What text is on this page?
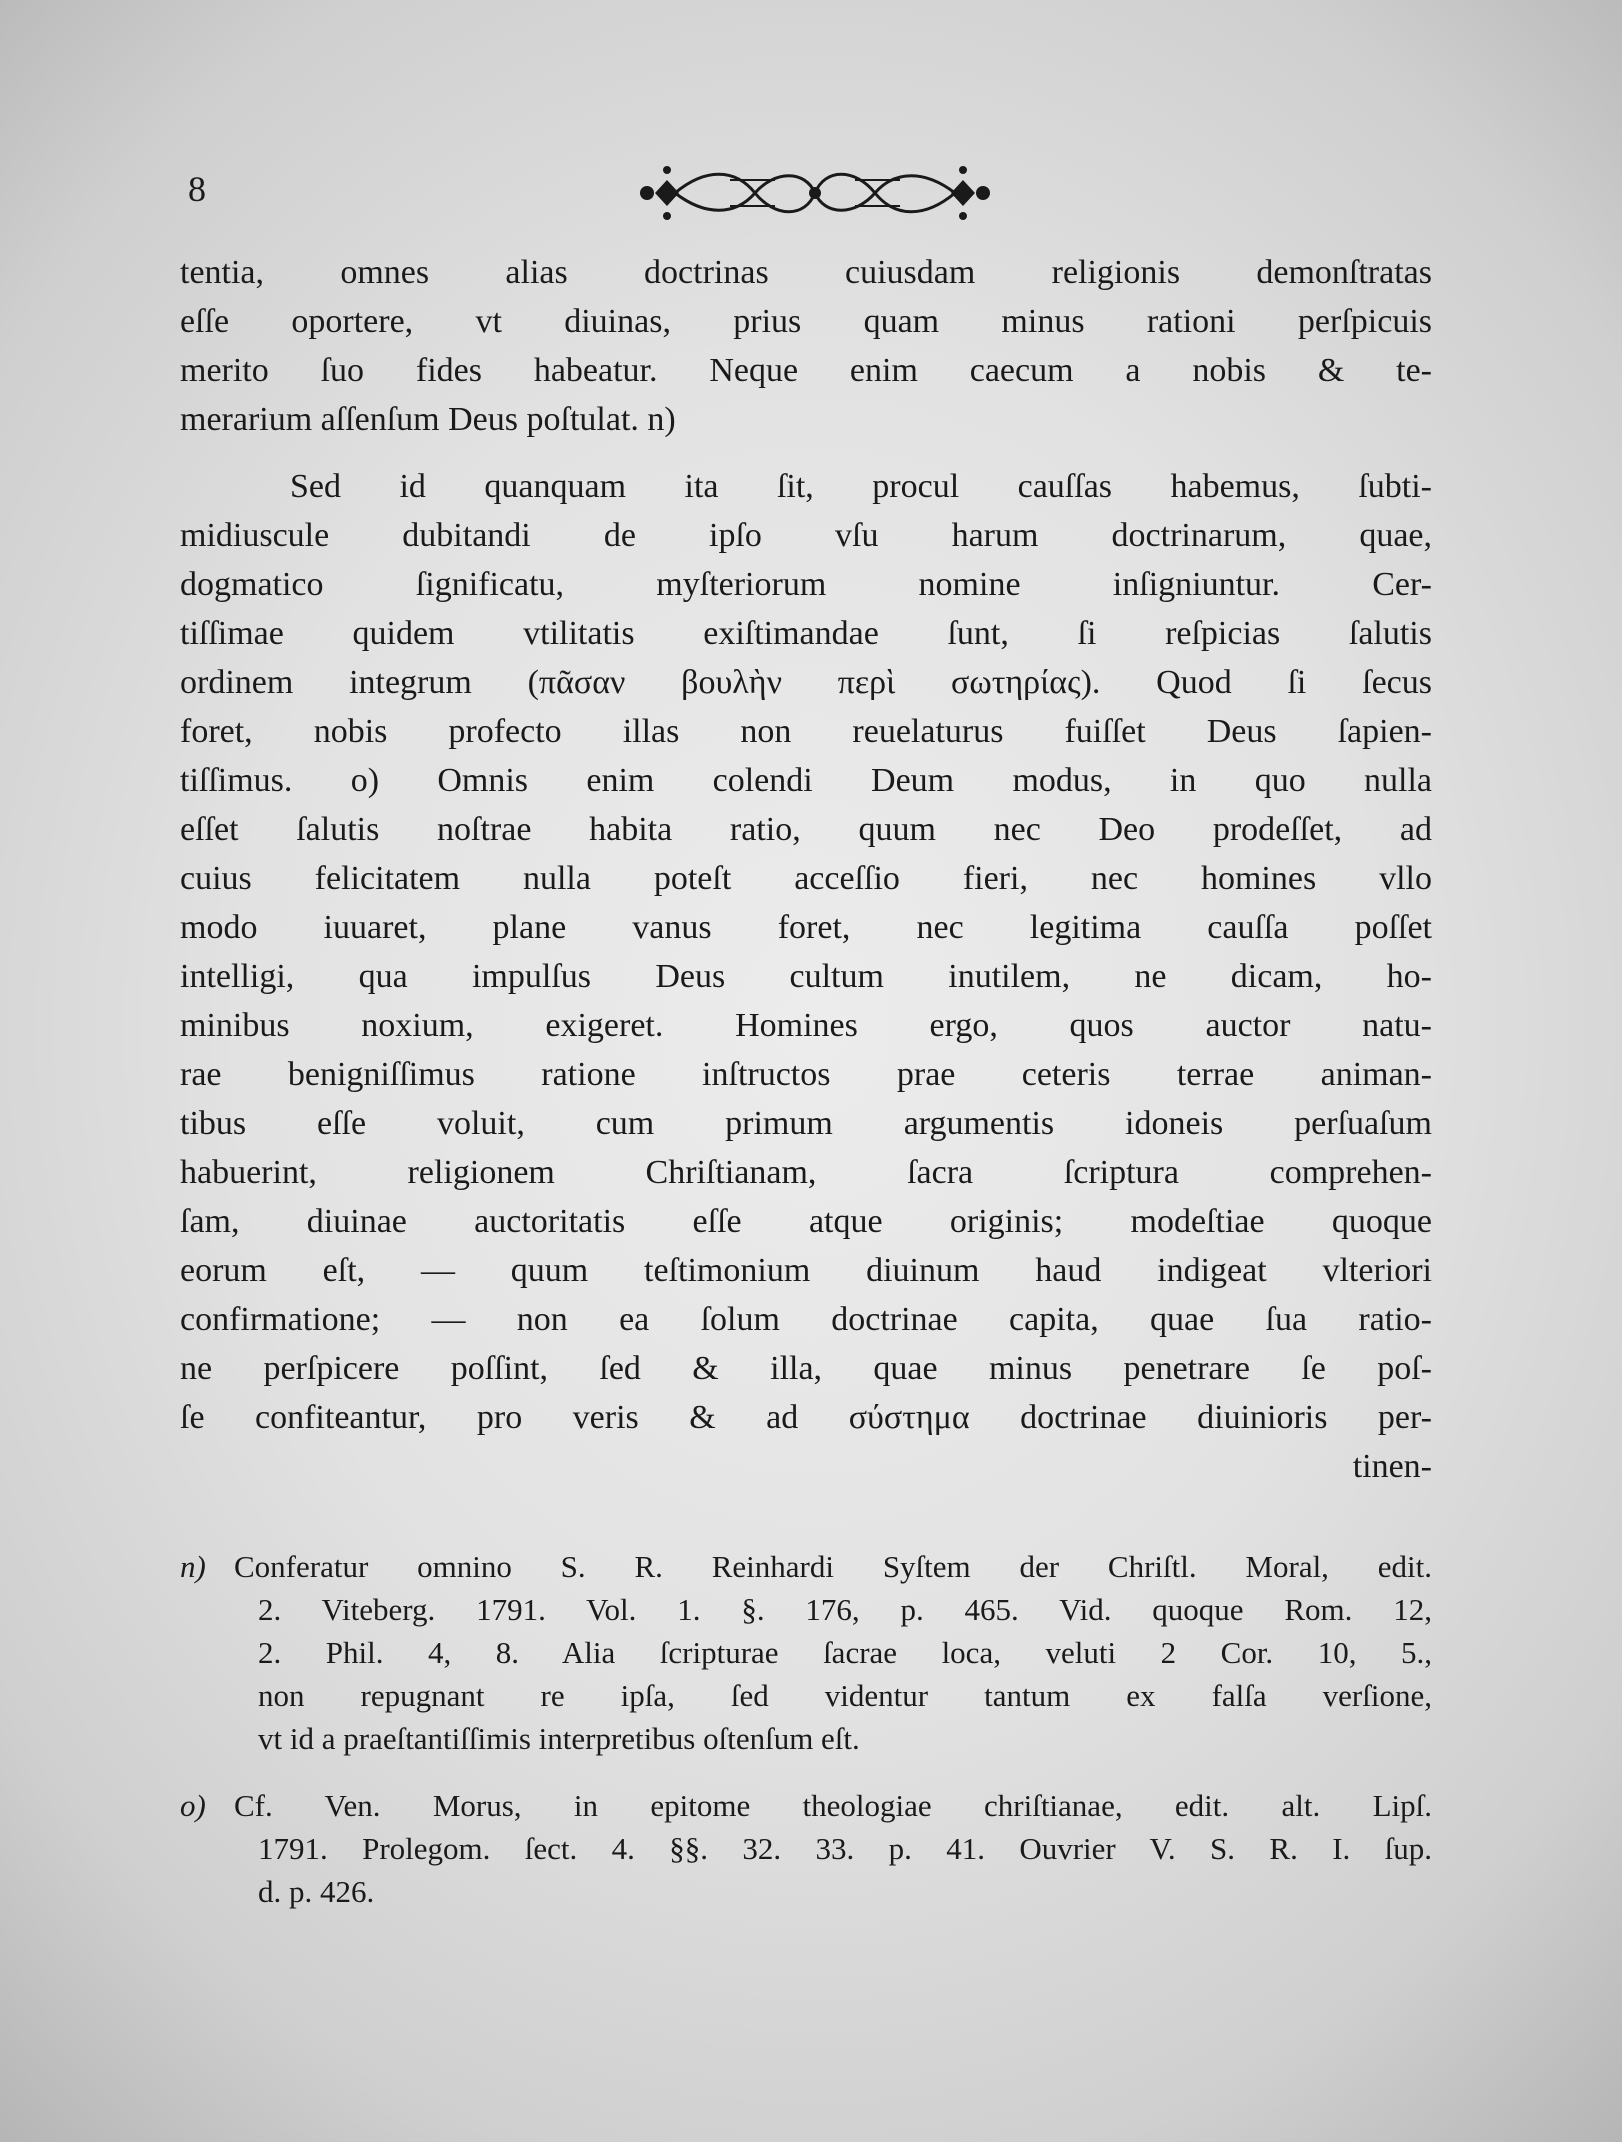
8
tentia, omnes alias doctrinas cuiusdam religionis demonſtratas
eſſe oportere, vt diuinas, prius quam minus rationi perſpicuis
merito ſuo fides habeatur. Neque enim caecum a nobis & te-
merarium aſſenſum Deus poſtulat. n)
Sed id quanquam ita ſit, procul cauſſas habemus, ſubti-
midiuscule dubitandi de ipſo vſu harum doctrinarum, quae,
dogmatico ſignificatu, myſteriorum nomine inſigniuntur. Cer-
tiſſimae quidem vtilitatis exiſtimandae ſunt, ſi reſpicias ſalutis
ordinem integrum (πᾶσαν βουλὴν περὶ σωτηρίας). Quod ſi ſecus
foret, nobis profecto illas non reuelaturus fuiſſet Deus ſapien-
tiſſimus. o) Omnis enim colendi Deum modus, in quo nulla
eſſet ſalutis noſtrae habita ratio, quum nec Deo prodeſſet, ad
cuius felicitatem nulla poteſt acceſſio fieri, nec homines vllo
modo iuuaret, plane vanus foret, nec legitima cauſſa poſſet
intelligi, qua impulſus Deus cultum inutilem, ne dicam, ho-
minibus noxium, exigeret. Homines ergo, quos auctor natu-
rae benigniſſimus ratione inſtructos prae ceteris terrae animan-
tibus eſſe voluit, cum primum argumentis idoneis perſuaſum
habuerint, religionem Chriſtianam, ſacra ſcriptura comprehen-
ſam, diuinae auctoritatis eſſe atque originis; modeſtiae quoque
eorum eſt, — quum teſtimonium diuinum haud indigeat vlteriori
confirmatione; — non ea ſolum doctrinae capita, quae ſua ratio-
ne perſpicere poſſint, ſed & illa, quae minus penetrare ſe poſ-
ſe confiteantur, pro veris & ad σύστημα doctrinae diuinioris per-
tinen-
n) Conferatur omnino S. R. Reinhardi Syſtem der Chriſtl. Moral, edit.
2. Viteberg. 1791. Vol. 1. §. 176, p. 465. Vid. quoque Rom. 12,
2. Phil. 4, 8. Alia ſcripturae ſacrae loca, veluti 2 Cor. 10, 5.,
non repugnant re ipſa, ſed videntur tantum ex falſa verſione,
vt id a praeſtantiſſimis interpretibus oſtenſum eſt.
o) Cf. Ven. Morus, in epitome theologiae chriſtianae, edit. alt. Lipſ.
1791. Prolegom. ſect. 4. §§. 32. 33. p. 41. Ouvrier V. S. R. I. ſup.
d. p. 426.
